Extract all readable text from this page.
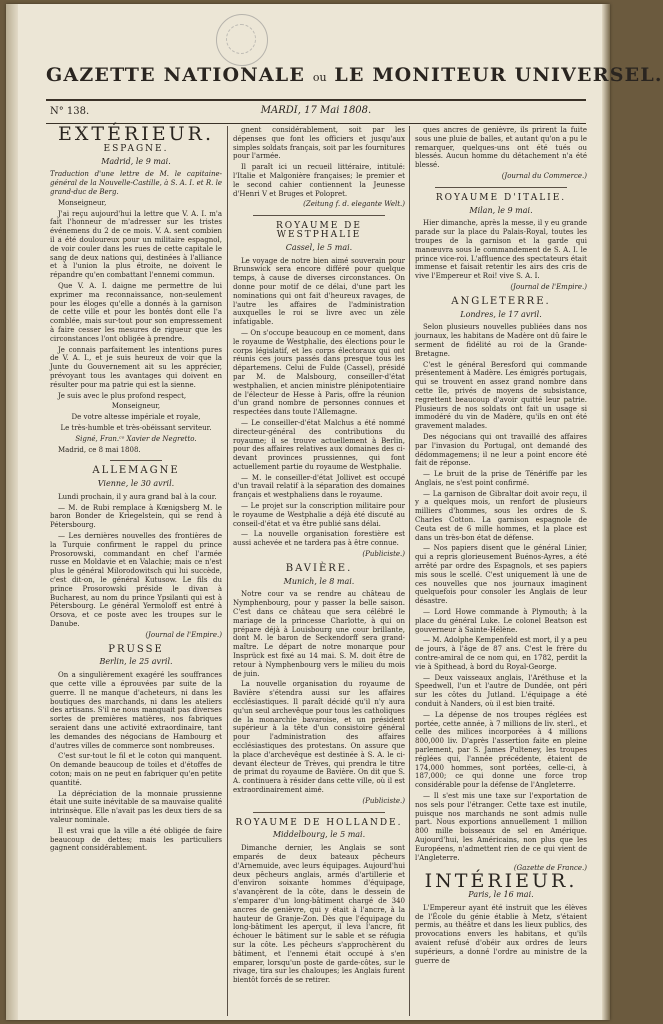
GAZETTE NATIONALE ou LE MONITEUR UNIVERSEL.
N° 138.	MARDI, 17 Mai 1808.
EXTÉRIEUR.
ESPAGNE.
Madrid, le 9 mai.

Traduction d'une lettre de M. le capitaine-général de la Nouvelle-Castille, à S. A. I. et R. le grand-duc de Berg.

Monseigneur,

J'ai reçu aujourd'hui la lettre que V. A. I. m'a fait l'honneur de m'adresser sur les tristes événemens du 2 de ce mois. V. A. sent combien il a été douloureux pour un militaire espagnol, de voir couler dans les rues de cette capitale le sang de deux nations qui, destinées à l'alliance et à l'union la plus étroite, ne doivent le répandre qu'en combattant l'ennemi commun.

Que V. A. I. daigne me permettre de lui exprimer ma reconnaissance, non-seulement pour les éloges qu'elle a donnés à la garnison de cette ville et pour les bontés dont elle l'a comblée, mais sur-tout pour son empressement à faire cesser les mesures de rigueur que les circonstances l'ont obligée à prendre.

Je connais parfaitement les intentions pures de V. A. I., et je suis heureux de voir que la Junte du Gouvernement ait su les apprécier, prévoyant tous les avantages qui doivent en résulter pour ma patrie qui est la sienne.

Je suis avec le plus profond respect,

Monseigneur,

De votre altesse impériale et royale,

Le très-humble et très-obéissant serviteur.

Signé, Fran.ᶜᵒ Xavier de Negretto.

Madrid, ce 8 mai 1808.

ALLEMAGNE
Vienne, le 30 avril.

Lundi prochain, il y aura grand bal à la cour.

— M. de Rubi remplace à Kœnigsberg M. le baron Bonder de Kriegelstein, qui se rend à Pétersbourg.

— Les dernières nouvelles des frontières de la Turquie confirment le rappel du prince Prosorowski, commandant en chef l'armée russe en Moldavie et en Valachie; mais ce n'est plus le général Milorodowitsch qui lui succède, c'est dit-on, le général Kutusow. Le fils du prince Prosorowski préside le divan à Bucharest, au nom du prince Ypsilanti qui est à Pétersbourg. Le général Yermoloff est entré à Orsova, et ce poste avec les troupes sur le Danube.

(Journal de l'Empire.)

PRUSSE
Berlin, le 25 avril.

On a singulièrement exagéré les souffrances que cette ville a éprouvées par suite de la guerre. Il ne manque d'acheteurs, ni dans les boutiques des marchands, ni dans les ateliers des artisans. S'il ne nous manquait pas diverses sortes de premières matières, nos fabriques seraient dans une activité extraordinaire, tant les demandes des négocians de Hambourg et d'autres villes de commerce sont nombreuses.

C'est sur-tout le fil et le coton qui manquent. On demande beaucoup de toiles et d'étoffes de coton; mais on ne peut en fabriquer qu'en petite quantité.

La dépréciation de la monnaie prussienne était une suite inévitable de sa mauvaise qualité intrinsèque. Elle n'avait pas les deux tiers de sa valeur nominale.

Il est vrai que la ville a été obligée de faire beaucoup de dettes; mais les particuliers gagnent considérablement.

gnent considérablement, soit par les dépenses que font les officiers et jusqu'aux simples soldats français, soit par les fournitures pour l'armée.

Il paraît ici un recueil littéraire, intitulé: l'Italie et Malgonière françaises; le premier et le second cahier contiennent la Jeunesse d'Henri V et Bruges et Polopret.

(Zeitung f. d. elegante Welt.)

ROYAUME DE WESTPHALIE
Cassel, le 5 mai.

Le voyage de notre bien aimé souverain pour Brunswick sera encore différé pour quelque temps, à cause de diverses circonstances. On donne pour motif de ce délai, d'une part les nominations qui ont fait d'heureux ravages, de l'autre les affaires de l'administration auxquelles le roi se livre avec un zèle infatigable.

— On s'occupe beaucoup en ce moment, dans le royaume de Westphalie, des élections pour le corps législatif, et les corps électoraux qui ont réunis ces jours passés dans presque tous les départemens. Celui de Fulde (Cassel), présidé par M. de Malsbourg, conseiller-d'état westphalien, et ancien ministre plénipotentiaire de l'électeur de Hesse à Paris, offre la réunion d'un grand nombre de personnes connues et respectées dans toute l'Allemagne.

— Le conseiller-d'état Malchus a été nommé directeur-général des contributions du royaume; il se trouve actuellement à Berlin, pour des affaires relatives aux domaines des ci-devant provinces prussiennes, qui font actuellement partie du royaume de Westphalie.

— M. le conseiller-d'état Jollivet est occupé d'un travail relatif à la séparation des domaines français et westphaliens dans le royaume.

— Le projet sur la conscription militaire pour le royaume de Westphalie a déjà été discuté au conseil-d'état et va être publié sans délai.

— La nouvelle organisation forestière est aussi achevée et ne tardera pas à être connue.

(Publiciste.)

BAVIÈRE.
Munich, le 8 mai.

Notre cour va se rendre au château de Nymphenbourg, pour y passer la belle saison. C'est dans ce château que sera célébré le mariage de la princesse Charlotte, à qui on prépare déjà à Louisbourg une cour brillante, dont M. le baron de Seckendorff sera grand-maître. Le départ de notre monarque pour Insprück est fixé au 14 mai. S. M. doit être de retour à Nymphenbourg vers le milieu du mois de juin.

La nouvelle organisation du royaume de Bavière s'étendra aussi sur les affaires ecclésiastiques. Il paraît décidé qu'il n'y aura qu'un seul archevêque pour tous les catholiques de la monarchie bavaroise, et un président supérieur à la tête d'un consistoire général pour l'administration des affaires ecclésiastiques des protestans. On assure que la place d'archevêque est destinée à S. A. le ci-devant électeur de Trèves, qui prendra le titre de primat du royaume de Bavière. On dit que S. A. continuera à résider dans cette ville, où il est extraordinairement aimé.

(Publiciste.)

ROYAUME DE HOLLANDE.
Middelbourg, le 5 mai.

Dimanche dernier, les Anglais se sont emparés de deux bateaux pêcheurs d'Arnemuide, avec leurs équipages. Aujourd'hui deux pêcheurs anglais, armés d'artillerie et d'environ soixante hommes d'équipage, s'avançèrent de la côte, dans le dessein de s'emparer d'un long-bâtiment chargé de 340 ancres de genièvre, qui y était à l'ancre, à la hauteur de Granje-Zon. Dès que l'équipage du long-bâtiment les aperçut, il leva l'ancre, fit échouer le bâtiment sur le sable et se réfugia sur la côte. Les pêcheurs s'approchèrent du bâtiment, et l'ennemi était occupé à s'en emparer, lorsqu'un poste de garde-côtes, sur le rivage, tira sur les chaloupes; les Anglais furent bientôt forcés de se retirer.

ques ancres de genièvre, ils prirent la fuite sous une pluie de balles, et autant qu'on a pu le remarquer, quelques-uns ont été tués ou blessés. Aucun homme du détachement n'a été blessé.

(Journal du Commerce.)

ROYAUME D'ITALIE.
Milan, le 9 mai.

Hier dimanche, après la messe, il y eu grande parade sur la place du Palais-Royal, toutes les troupes de la garnison et la garde qui manœuvra sous le commandement de S. A. I. le prince vice-roi. L'affluence des spectateurs était immense et faisait retentir les airs des cris de vive l'Empereur et Roi! vive S. A. I.

(Journal de l'Empire.)

ANGLETERRE.
Londres, le 17 avril.

Selon plusieurs nouvelles publiées dans nos journaux, les habitans de Madère ont dû faire le serment de fidélité au roi de la Grande-Bretagne.

C'est le général Beresford qui commande présentement à Madère. Les émigrés portugais, qui se trouvent en assez grand nombre dans cette île, privés de moyens de subsistance, regrettent beaucoup d'avoir quitté leur patrie. Plusieurs de nos soldats ont fait un usage si immodéré du vin de Madère, qu'ils en ont été gravement malades.

Des négocians qui ont travaillé des affaires par l'invasion du Portugal, ont demandé des dédommagemens; il ne leur a point encore été fait de réponse.

— Le bruit de la prise de Ténériffe par les Anglais, ne s'est point confirmé.

— La garnison de Gibraltar doit avoir reçu, il y a quelques mois, un renfort de plusieurs milliers d'hommes, sous les ordres de S. Charles Cotton. La garnison espagnole de Ceuta est de 6 mille hommes, et la place est dans un très-bon état de défense.

— Nos papiers disent que le général Linier, qui a repris glorieusement Buénos-Ayres, a été arrêté par ordre des Espagnols, et ses papiers mis sous le scellé. C'est uniquement là une de ces nouvelles que nos journaux imaginent quelquefois pour consoler les Anglais de leur désastre.

— Lord Howe commande à Plymouth; à la place du général Luke. Le colonel Beatson est gouverneur à Sainte-Hélène.

— M. Adolphe Kempenfeld est mort, il y a peu de jours, à l'âge de 87 ans. C'est le frère du contre-amiral de ce nom qui, en 1782, perdit la vie à Spithead, à bord du Royal-George.

— Deux vaisseaux anglais, l'Aréthuse et la Speedwell, l'un et l'autre de Dundée, ont péri sur les côtes du Jutland. L'équipage a été conduit à Nanders, où il est bien traité.

— La dépense de nos troupes réglées est portée, cette année, à 7 millions de liv. sterl., et celle des milices incorporées à 4 millions 800,000 liv. D'après l'assertion faite en pleine parlement, par S. James Pulteney, les troupes réglées qui, l'année précédente, étaient de 174,000 hommes, sont portées, celle-ci, à 187,000; ce qui donne une force trop considérable pour la défense de l'Angleterre.

— Il s'est mis une taxe sur l'exportation de nos sels pour l'étranger. Cette taxe est inutile, puisque nos marchands ne sont admis nulle part. Nous exportions annuellement 1 million 800 mille boisseaux de sel en Amérique. Aujourd'hui, les Américains, non plus que les Européens, n'admettent rien de ce qui vient de l'Angleterre.

(Gazette de France.)

INTÉRIEUR.
Paris, le 16 mai.

L'Empereur ayant été instruit que les élèves de l'École du génie établie à Metz, s'étaient permis, au théâtre et dans les lieux publics, des provocations envers les habitans, et qu'ils avaient refusé d'obéir aux ordres de leurs supérieurs, a donné l'ordre au ministre de la guerre de
